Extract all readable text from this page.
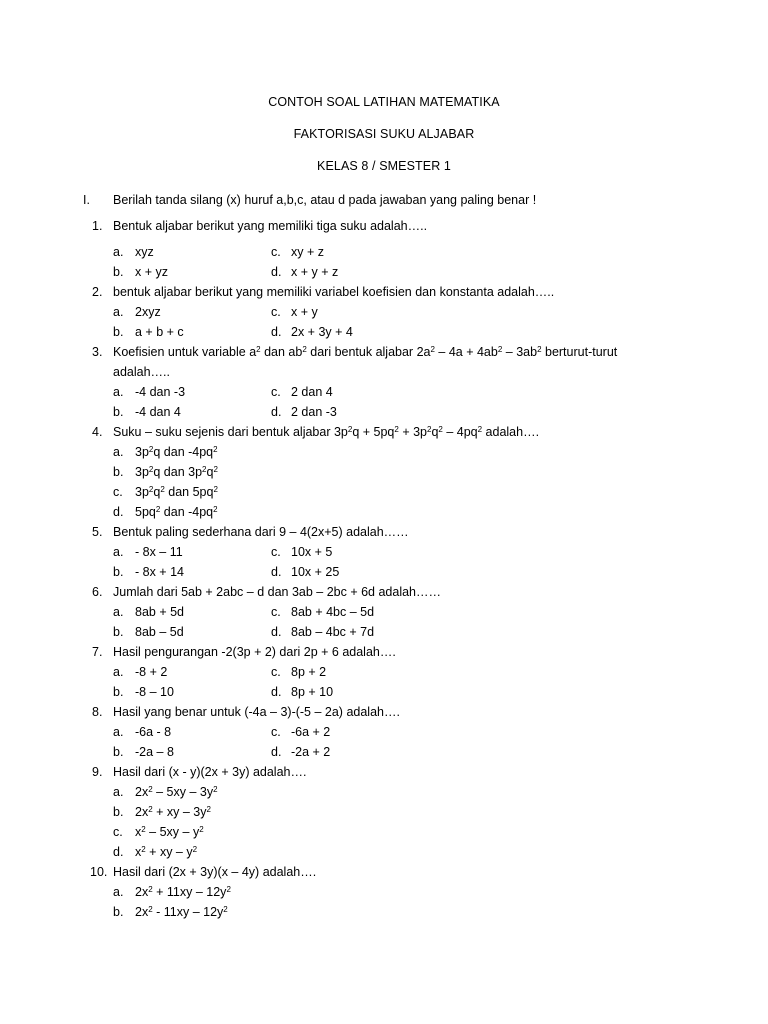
CONTOH SOAL LATIHAN MATEMATIKA
FAKTORISASI SUKU ALJABAR
KELAS 8 / SMESTER 1
I. Berilah tanda silang (x) huruf a,b,c, atau d pada jawaban yang paling benar !
1. Bentuk aljabar berikut yang memiliki tiga suku adalah…..
a. xyz	c. xy + z
b. x + yz	d. x + y + z
2. bentuk aljabar berikut yang memiliki variabel koefisien dan konstanta adalah…..
a. 2xyz	c. x + y
b. a + b + c	d. 2x + 3y + 4
3. Koefisien untuk variable $a^2$ dan $ab^2$ dari bentuk aljabar $2a^2 - 4a + 4ab^2 - 3ab^2$ berturut-turut
adalah…..
a. -4 dan -3	c. 2 dan 4
b. -4 dan 4	d. 2 dan -3
4. Suku – suku sejenis dari bentuk aljabar $3p^2q + 5pq^2 + 3p^2q^2 - 4pq^2$ adalah….
a. $3p^2q$ dan $-4pq^2$
b. $3p^2q$ dan $3p^2q^2$
c. $3p^2q^2$ dan $5pq^2$
d. $5pq^2$ dan $-4pq^2$
5. Bentuk paling sederhana dari 9 – 4(2x+5) adalah……
a. - 8x – 11	c. 10x + 5
b. - 8x + 14	d. 10x + 25
6. Jumlah dari 5ab + 2abc – d dan 3ab – 2bc + 6d adalah……
a. 8ab + 5d	c. 8ab + 4bc – 5d
b. 8ab – 5d	d. 8ab – 4bc + 7d
7. Hasil pengurangan -2(3p + 2) dari 2p + 6 adalah….
a. -8 + 2	c. 8p + 2
b. -8 – 10	d. 8p + 10
8. Hasil yang benar untuk (-4a – 3)-(-5 – 2a) adalah….
a. -6a - 8	c. -6a + 2
b. -2a – 8	d. -2a + 2
9. Hasil dari (x - y)(2x + 3y) adalah….
a. $2x^2 - 5xy - 3y^2$
b. $2x^2$ + xy – $3y^2$
c. $x^2 - 5xy - y^2$
d. $x^2$ + xy – $y^2$
10. Hasil dari (2x + 3y)(x – 4y) adalah….
a. $2x^2 + 11xy - 12y^2$
b. $2x^2 - 11xy - 12y^2$
